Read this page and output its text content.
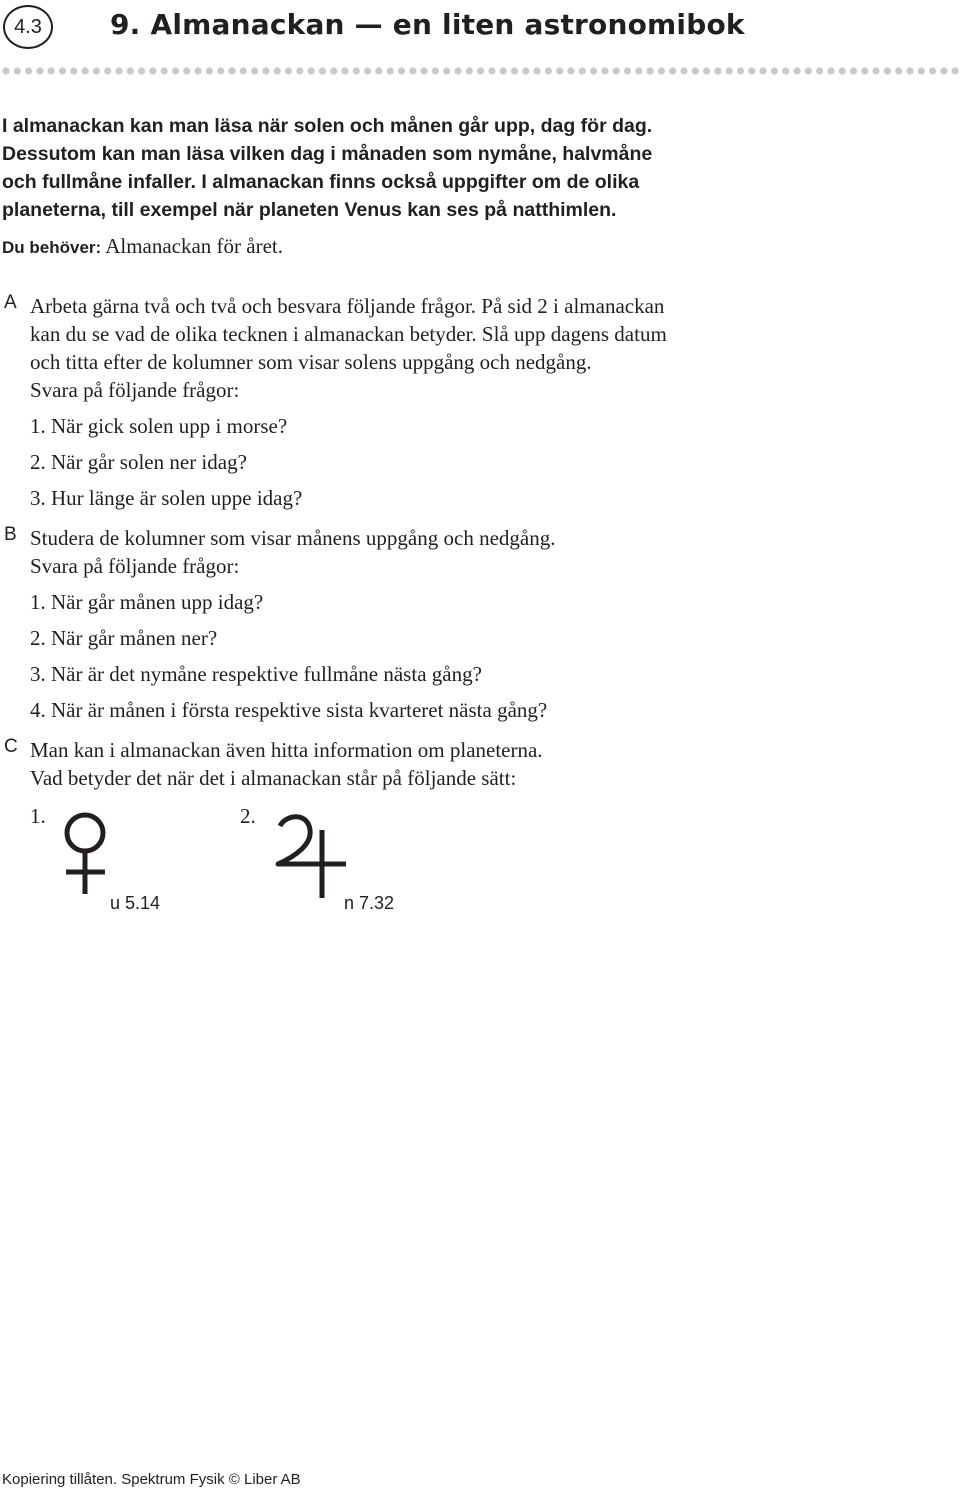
4.3 9. Almanackan — en liten astronomibok
I almanackan kan man läsa när solen och månen går upp, dag för dag.
Dessutom kan man läsa vilken dag i månaden som nymåne, halvmåne
och fullmåne infaller. I almanackan finns också uppgifter om de olika
planeterna, till exempel när planeten Venus kan ses på natthimlen.
Du behöver: Almanackan för året.
A Arbeta gärna två och två och besvara följande frågor. På sid 2 i almanackan
kan du se vad de olika tecknen i almanackan betyder. Slå upp dagens datum
och titta efter de kolumner som visar solens uppgång och nedgång.
Svara på följande frågor:
1. När gick solen upp i morse?
2. När går solen ner idag?
3. Hur länge är solen uppe idag?
B Studera de kolumner som visar månens uppgång och nedgång.
Svara på följande frågor:
1. När går månen upp idag?
2. När går månen ner?
3. När är det nymåne respektive fullmåne nästa gång?
4. När är månen i första respektive sista kvarteret nästa gång?
C Man kan i almanackan även hitta information om planeterna.
Vad betyder det när det i almanackan står på följande sätt:
1.
u 5.14
2.
n 7.32
Kopiering tillåten. Spektrum Fysik © Liber AB
